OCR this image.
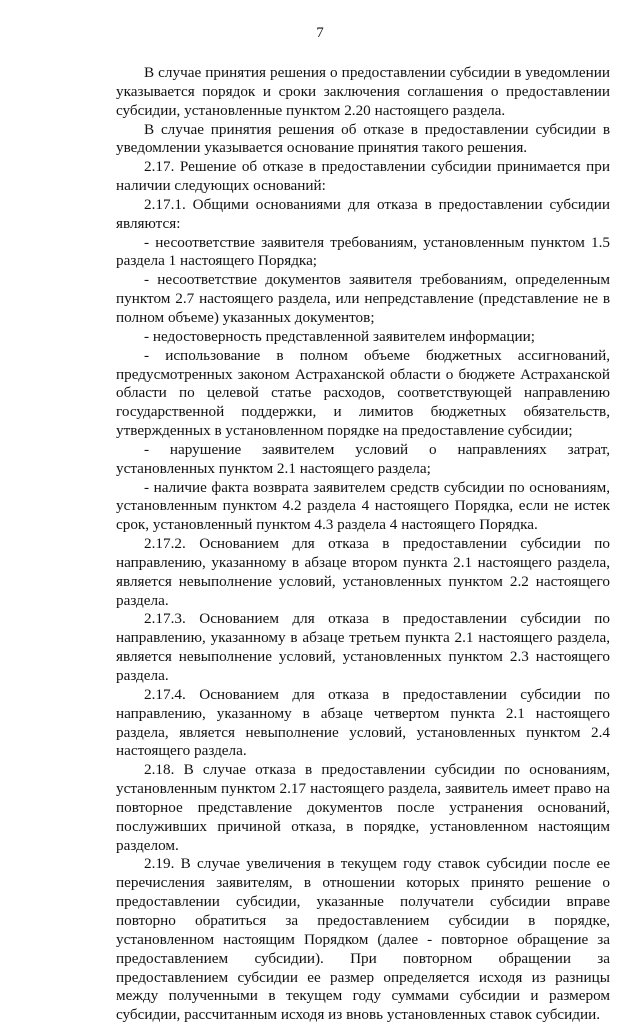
7

В случае принятия решения о предоставлении субсидии в уведомлении указывается порядок и сроки заключения соглашения о предоставлении субсидии, установленные пунктом 2.20 настоящего раздела.

В случае принятия решения об отказе в предоставлении субсидии в уведомлении указывается основание принятия такого решения.

2.17. Решение об отказе в предоставлении субсидии принимается при наличии следующих оснований:

2.17.1. Общими основаниями для отказа в предоставлении субсидии являются:

- несоответствие заявителя требованиям, установленным пунктом 1.5 раздела 1 настоящего Порядка;

- несоответствие документов заявителя требованиям, определенным пунктом 2.7 настоящего раздела, или непредставление (представление не в полном объеме) указанных документов;

- недостоверность представленной заявителем информации;

- использование в полном объеме бюджетных ассигнований, предусмотренных законом Астраханской области о бюджете Астраханской области по целевой статье расходов, соответствующей направлению государственной поддержки, и лимитов бюджетных обязательств, утвержденных в установленном порядке на предоставление субсидии;

- нарушение заявителем условий о направлениях затрат, установленных пунктом 2.1 настоящего раздела;

- наличие факта возврата заявителем средств субсидии по основаниям, установленным пунктом 4.2 раздела 4 настоящего Порядка, если не истек срок, установленный пунктом 4.3 раздела 4 настоящего Порядка.

2.17.2. Основанием для отказа в предоставлении субсидии по направлению, указанному в абзаце втором пункта 2.1 настоящего раздела, является невыполнение условий, установленных пунктом 2.2 настоящего раздела.

2.17.3. Основанием для отказа в предоставлении субсидии по направлению, указанному в абзаце третьем пункта 2.1 настоящего раздела, является невыполнение условий, установленных пунктом 2.3 настоящего раздела.

2.17.4. Основанием для отказа в предоставлении субсидии по направлению, указанному в абзаце четвертом пункта 2.1 настоящего раздела, является невыполнение условий, установленных пунктом 2.4 настоящего раздела.

2.18. В случае отказа в предоставлении субсидии по основаниям, установленным пунктом 2.17 настоящего раздела, заявитель имеет право на повторное представление документов после устранения оснований, послуживших причиной отказа, в порядке, установленном настоящим разделом.

2.19. В случае увеличения в текущем году ставок субсидии после ее перечисления заявителям, в отношении которых принято решение о предоставлении субсидии, указанные получатели субсидии вправе повторно обратиться за предоставлением субсидии в порядке, установленном настоящим Порядком (далее - повторное обращение за предоставлением субсидии). При повторном обращении за предоставлением субсидии ее размер определяется исходя из разницы между полученными в текущем году суммами субсидии и размером субсидии, рассчитанным исходя из вновь установленных ставок субсидии.
